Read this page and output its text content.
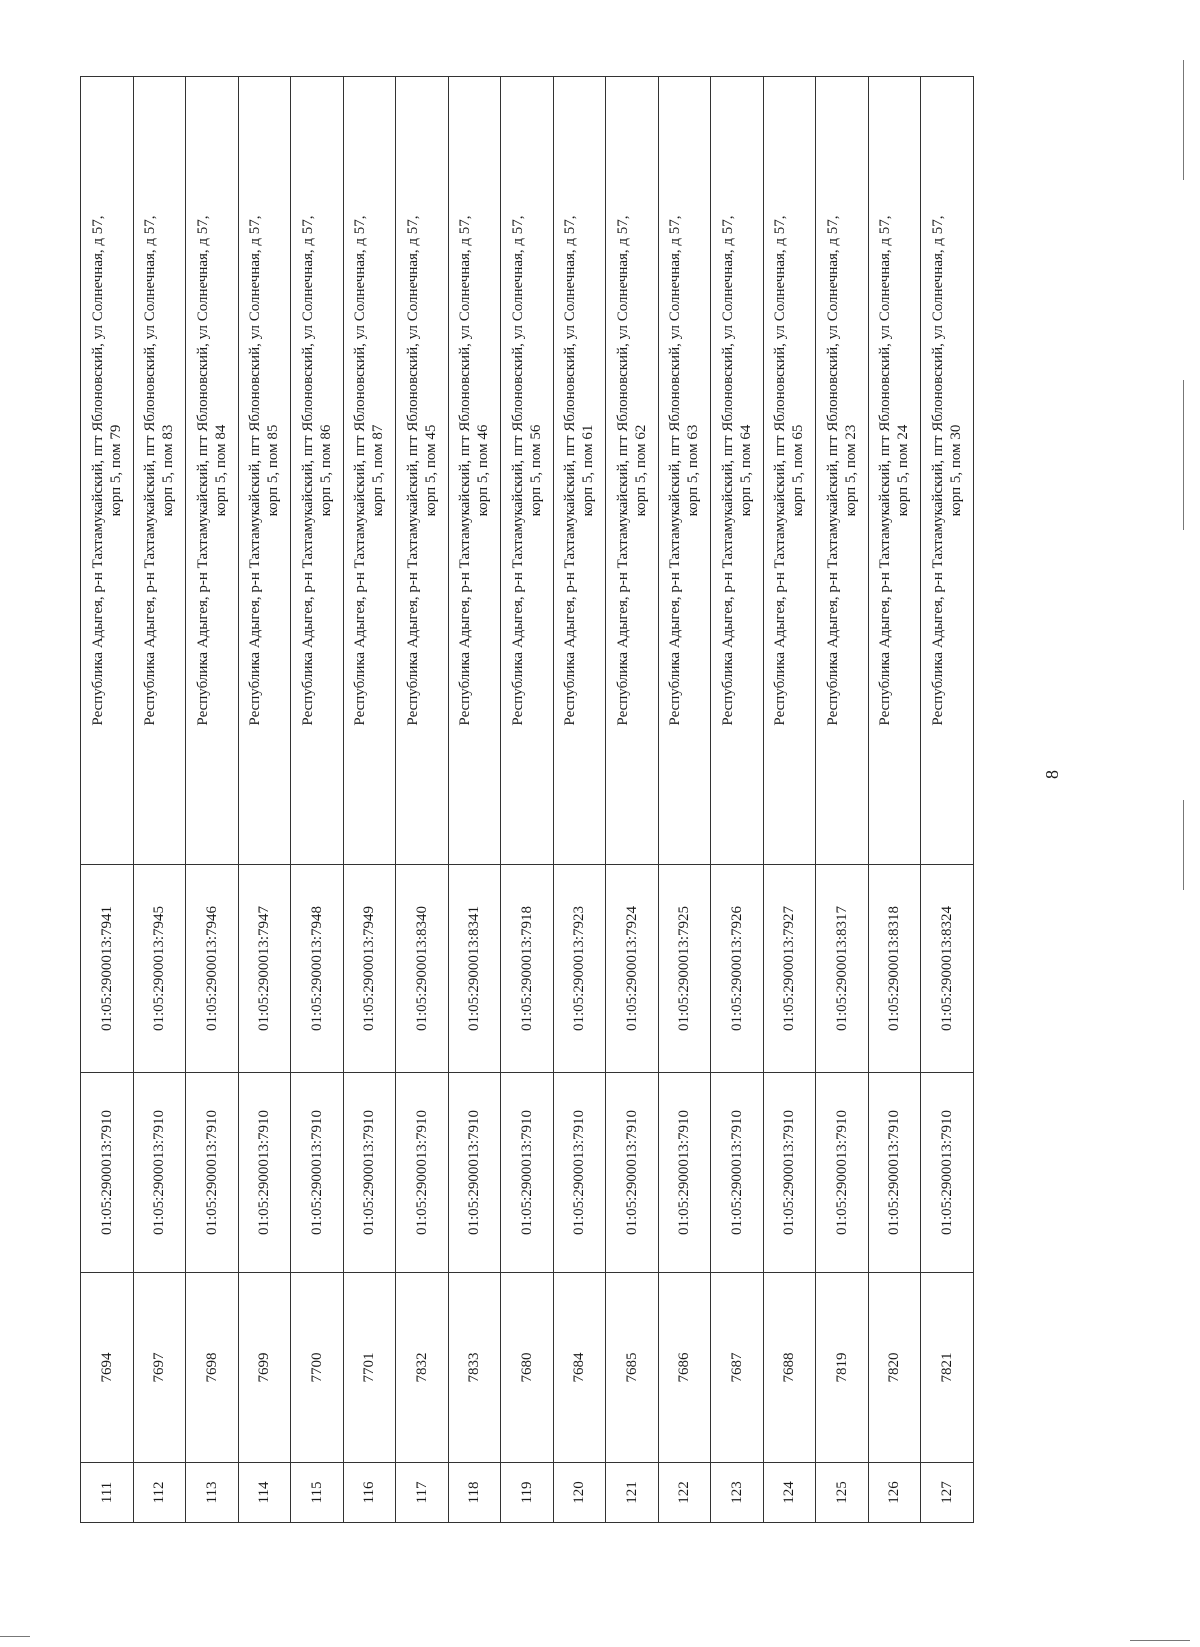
111	7694	01:05:2900013:7910	01:05:2900013:7941	Республика Адыгея, р-н Тахтамукайский, пгт Яблоновский, ул Солнечная, д 57, корп 5, пом 79

112	7697	01:05:2900013:7910	01:05:2900013:7945	Республика Адыгея, р-н Тахтамукайский, пгт Яблоновский, ул Солнечная, д 57, корп 5, пом 83

113	7698	01:05:2900013:7910	01:05:2900013:7946	Республика Адыгея, р-н Тахтамукайский, пгт Яблоновский, ул Солнечная, д 57, корп 5, пом 84

114	7699	01:05:2900013:7910	01:05:2900013:7947	Республика Адыгея, р-н Тахтамукайский, пгт Яблоновский, ул Солнечная, д 57, корп 5, пом 85

115	7700	01:05:2900013:7910	01:05:2900013:7948	Республика Адыгея, р-н Тахтамукайский, пгт Яблоновский, ул Солнечная, д 57, корп 5, пом 86

116	7701	01:05:2900013:7910	01:05:2900013:7949	Республика Адыгея, р-н Тахтамукайский, пгт Яблоновский, ул Солнечная, д 57, корп 5, пом 87

117	7832	01:05:2900013:7910	01:05:2900013:8340	Республика Адыгея, р-н Тахтамукайский, пгт Яблоновский, ул Солнечная, д 57, корп 5, пом 45

118	7833	01:05:2900013:7910	01:05:2900013:8341	Республика Адыгея, р-н Тахтамукайский, пгт Яблоновский, ул Солнечная, д 57, корп 5, пом 46

119	7680	01:05:2900013:7910	01:05:2900013:7918	Республика Адыгея, р-н Тахтамукайский, пгт Яблоновский, ул Солнечная, д 57, корп 5, пом 56

120	7684	01:05:2900013:7910	01:05:2900013:7923	Республика Адыгея, р-н Тахтамукайский, пгт Яблоновский, ул Солнечная, д 57, корп 5, пом 61

121	7685	01:05:2900013:7910	01:05:2900013:7924	Республика Адыгея, р-н Тахтамукайский, пгт Яблоновский, ул Солнечная, д 57, корп 5, пом 62

122	7686	01:05:2900013:7910	01:05:2900013:7925	Республика Адыгея, р-н Тахтамукайский, пгт Яблоновский, ул Солнечная, д 57, корп 5, пом 63

123	7687	01:05:2900013:7910	01:05:2900013:7926	Республика Адыгея, р-н Тахтамукайский, пгт Яблоновский, ул Солнечная, д 57, корп 5, пом 64

124	7688	01:05:2900013:7910	01:05:2900013:7927	Республика Адыгея, р-н Тахтамукайский, пгт Яблоновский, ул Солнечная, д 57, корп 5, пом 65

125	7819	01:05:2900013:7910	01:05:2900013:8317	Республика Адыгея, р-н Тахтамукайский, пгт Яблоновский, ул Солнечная, д 57, корп 5, пом 23

126	7820	01:05:2900013:7910	01:05:2900013:8318	Республика Адыгея, р-н Тахтамукайский, пгт Яблоновский, ул Солнечная, д 57, корп 5, пом 24

127	7821	01:05:2900013:7910	01:05:2900013:8324	Республика Адыгея, р-н Тахтамукайский, пгт Яблоновский, ул Солнечная, д 57, корп 5, пом 30
8
